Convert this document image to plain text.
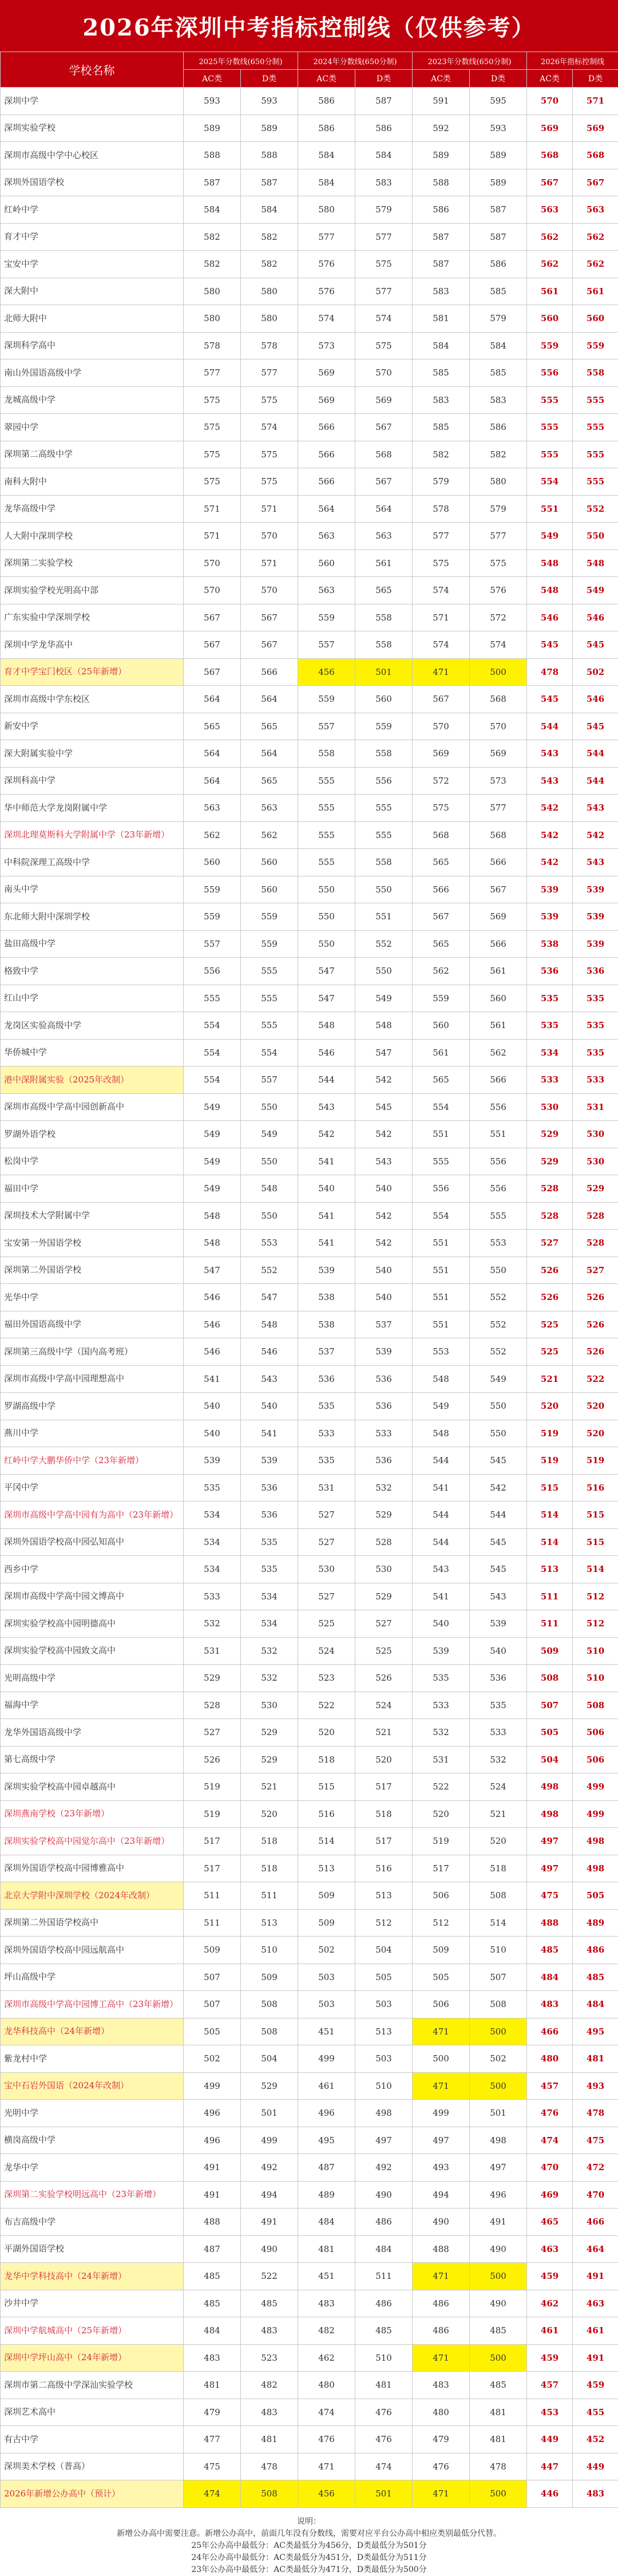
2026年深圳中考指标控制线（仅供参考）
学校名称	2025年分数线(650分制)		2024年分数线(650分制)		2023年分数线(650分制)		2026年指标控制线	
	AC类	D类	AC类	D类	AC类	D类	AC类	D类
深圳中学	593	593	586	587	591	595	570	571
深圳实验学校	589	589	586	586	592	593	569	569
深圳市高级中学中心校区	588	588	584	584	589	589	568	568
深圳外国语学校	587	587	584	583	588	589	567	567
红岭中学	584	584	580	579	586	587	563	563
育才中学	582	582	577	577	587	587	562	562
宝安中学	582	582	576	575	587	586	562	562
深大附中	580	580	576	577	583	585	561	561
北师大附中	580	580	574	574	581	579	560	560
深圳科学高中	578	578	573	575	584	584	559	559
南山外国语高级中学	577	577	569	570	585	585	556	558
龙城高级中学	575	575	569	569	583	583	555	555
翠园中学	575	574	566	567	585	586	555	555
深圳第二高级中学	575	575	566	568	582	582	555	555
南科大附中	575	575	566	567	579	580	554	555
龙华高级中学	571	571	564	564	578	579	551	552
人大附中深圳学校	571	570	563	563	577	577	549	550
深圳第二实验学校	570	571	560	561	575	575	548	548
深圳实验学校光明高中部	570	570	563	565	574	576	548	549
广东实验中学深圳学校	567	567	559	558	571	572	546	546
深圳中学龙华高中	567	567	557	558	574	574	545	545
育才中学宝门校区（25年新增）	567	566	456	501	471	500	478	502
深圳市高级中学东校区	564	564	559	560	567	568	545	546
新安中学	565	565	557	559	570	570	544	545
深大附属实验中学	564	564	558	558	569	569	543	544
深圳科高中学	564	565	555	556	572	573	543	544
华中师范大学龙岗附属中学	563	563	555	555	575	577	542	543
深圳北理莫斯科大学附属中学（23年新增）	562	562	555	555	568	568	542	542
中科院深理工高级中学	560	560	555	558	565	566	542	543
南头中学	559	560	550	550	566	567	539	539
东北师大附中深圳学校	559	559	550	551	567	569	539	539
盐田高级中学	557	559	550	552	565	566	538	539
格致中学	556	555	547	550	562	561	536	536
红山中学	555	555	547	549	559	560	535	535
龙岗区实验高级中学	554	555	548	548	560	561	535	535
华侨城中学	554	554	546	547	561	562	534	535
港中深附属实验（2025年改制）	554	557	544	542	565	566	533	533
深圳市高级中学高中园创新高中	549	550	543	545	554	556	530	531
罗湖外语学校	549	549	542	542	551	551	529	530
松岗中学	549	550	541	543	555	556	529	530
福田中学	549	548	540	540	556	556	528	529
深圳技术大学附属中学	548	550	541	542	554	555	528	528
宝安第一外国语学校	548	553	541	542	551	553	527	528
深圳第二外国语学校	547	552	539	540	551	550	526	527
光华中学	546	547	538	540	551	552	526	526
福田外国语高级中学	546	548	538	537	551	552	525	526
深圳第三高级中学（国内高考班）	546	546	537	539	553	552	525	526
深圳市高级中学高中园理想高中	541	543	536	536	548	549	521	522
罗湖高级中学	540	540	535	536	549	550	520	520
燕川中学	540	541	533	533	548	550	519	520
红岭中学大鹏华侨中学（23年新增）	539	539	535	536	544	545	519	519
平冈中学	535	536	531	532	541	542	515	516
深圳市高级中学高中园有为高中（23年新增）	534	536	527	529	544	544	514	515
深圳外国语学校高中园弘知高中	534	535	527	528	544	545	514	515
西乡中学	534	535	530	530	543	545	513	514
深圳市高级中学高中园文博高中	533	534	527	529	541	543	511	512
深圳实验学校高中园明德高中	532	534	525	527	540	539	511	512
深圳实验学校高中园致文高中	531	532	524	525	539	540	509	510
光明高级中学	529	532	523	526	535	536	508	510
福海中学	528	530	522	524	533	535	507	508
龙华外国语高级中学	527	529	520	521	532	533	505	506
第七高级中学	526	529	518	520	531	532	504	506
深圳实验学校高中园卓越高中	519	521	515	517	522	524	498	499
深圳燕南学校（23年新增）	519	520	516	518	520	521	498	499
深圳实验学校高中园觉尔高中（23年新增）	517	518	514	517	519	520	497	498
深圳外国语学校高中园博雅高中	517	518	513	516	517	518	497	498
北京大学附中深圳学校（2024年改制）	511	511	509	513	506	508	475	505
深圳第二外国语学校高中	511	513	509	512	512	514	488	489
深圳外国语学校高中园远航高中	509	510	502	504	509	510	485	486
坪山高级中学	507	509	503	505	505	507	484	485
深圳市高级中学高中园博工高中（23年新增）	507	508	503	503	506	508	483	484
龙华科技高中（24年新增）	505	508	451	513	471	500	466	495
紫龙村中学	502	504	499	503	500	502	480	481
宝中石岩外国语（2024年改制）	499	529	461	510	471	500	457	493
光明中学	496	501	496	498	499	501	476	478
横岗高级中学	496	499	495	497	497	498	474	475
龙华中学	491	492	487	492	493	497	470	472
深圳第二实验学校明远高中（23年新增）	491	494	489	490	494	496	469	470
布吉高级中学	488	491	484	486	490	491	465	466
平湖外国语学校	487	490	481	484	488	490	463	464
龙华中学科技高中（24年新增）	485	522	451	511	471	500	459	491
沙井中学	485	485	483	486	486	490	462	463
深圳中学航城高中（25年新增）	484	483	482	485	486	485	461	461
深圳中学坪山高中（24年新增）	483	523	462	510	471	500	459	491
深圳市第二高级中学深汕实验学校	481	482	480	481	483	485	457	459
深圳艺术高中	479	483	474	476	480	481	453	455
有古中学	477	481	476	476	479	481	449	452
深圳美术学校（普高）	475	478	471	474	476	478	447	449
2026年新增公办高中（预计）	474	508	456	501	471	500	446	483
说明：
新增公办高中需要注意。新增公办高中，前面几年没有分数线，需要对应平台公办高中相应类别最低分代替。
25年公办高中最低分：AC类最低分为456分，D类最低分为501分
24年公办高中最低分：AC类最低分为451分，D类最低分为511分
23年公办高中最低分：AC类最低分为471分，D类最低分为500分
